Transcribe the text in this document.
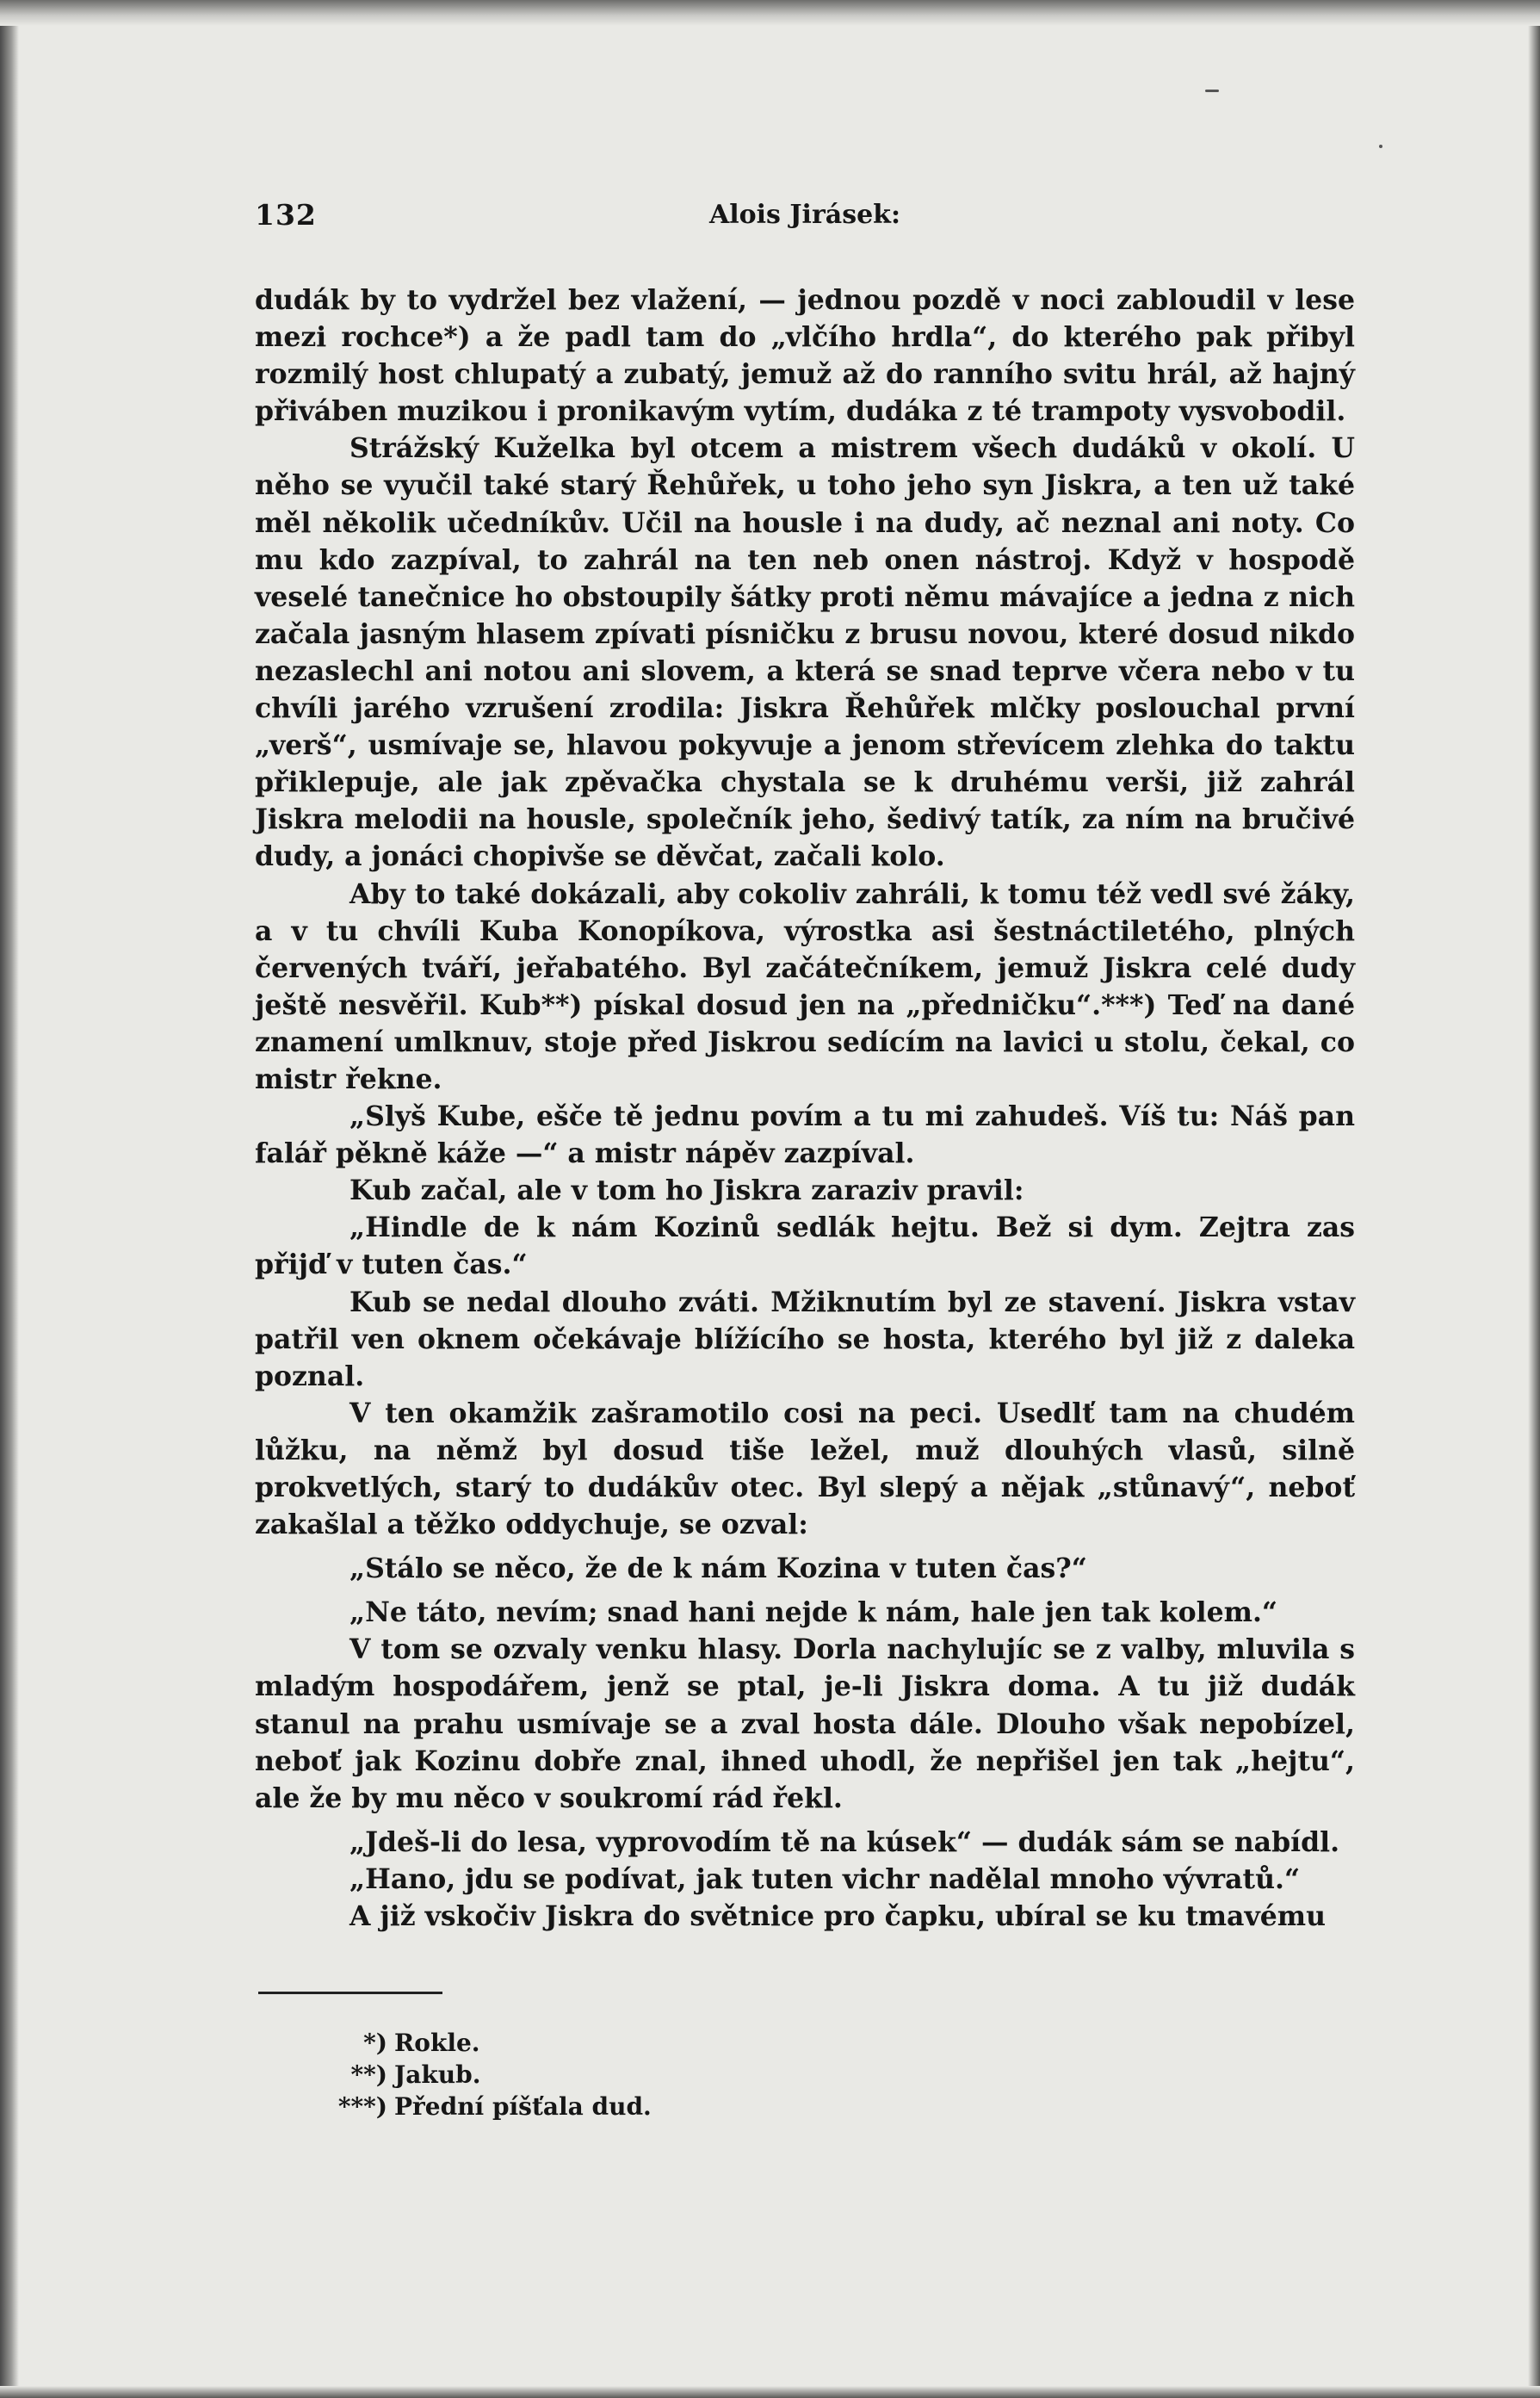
132	Alois Jirásek:

dudák by to vydržel bez vlažení, — jednou pozdě v noci zabloudil v lese mezi rochce*) a že padl tam do „vlčího hrdla“, do kterého pak přibyl rozmilý host chlupatý a zubatý, jemuž až do ranního svitu hrál, až hajný přiváben muzikou i pronikavým vytím, dudáka z té trampoty vysvobodil.

Strážský Kuželka byl otcem a mistrem všech dudáků v okolí. U něho se vyučil také starý Řehůřek, u toho jeho syn Jiskra, a ten už také měl několik učedníkův. Učil na housle i na dudy, ač neznal ani noty. Co mu kdo zazpíval, to zahrál na ten neb onen nástroj. Když v hospodě veselé tanečnice ho obstoupily šátky proti němu mávajíce a jedna z nich začala jasným hlasem zpívati písničku z brusu novou, které dosud nikdo nezaslechl ani notou ani slovem, a která se snad teprve včera nebo v tu chvíli jarého vzrušení zrodila: Jiskra Řehůřek mlčky poslouchal první „verš“, usmívaje se, hlavou pokyvuje a jenom střevícem zlehka do taktu přiklepuje, ale jak zpěvačka chystala se k druhému verši, již zahrál Jiskra melodii na housle, společník jeho, šedivý tatík, za ním na bručivé dudy, a jonáci chopivše se děvčat, začali kolo.

Aby to také dokázali, aby cokoliv zahráli, k tomu též vedl své žáky, a v tu chvíli Kuba Konopíkova, výrostka asi šestnáctiletého, plných červených tváří, jeřabatého. Byl začátečníkem, jemuž Jiskra celé dudy ještě nesvěřil. Kub**) pískal dosud jen na „předničku“.***) Teď na dané znamení umlknuv, stoje před Jiskrou sedícím na lavici u stolu, čekal, co mistr řekne.

„Slyš Kube, ešče tě jednu povím a tu mi zahudeš. Víš tu: Náš pan falář pěkně káže —“ a mistr nápěv zazpíval.

Kub začal, ale v tom ho Jiskra zaraziv pravil:

„Hindle de k nám Kozinů sedlák hejtu. Bež si dym. Zejtra zas přijď v tuten čas.“

Kub se nedal dlouho zváti. Mžiknutím byl ze stavení. Jiskra vstav patřil ven oknem očekávaje blížícího se hosta, kterého byl již z daleka poznal.

V ten okamžik zašramotilo cosi na peci. Usedlť tam na chudém lůžku, na němž byl dosud tiše ležel, muž dlouhých vlasů, silně prokvetlých, starý to dudákův otec. Byl slepý a nějak „stůnavý“, neboť zakašlal a těžko oddychuje, se ozval:

„Stálo se něco, že de k nám Kozina v tuten čas?“

„Ne táto, nevím; snad hani nejde k nám, hale jen tak kolem.“

V tom se ozvaly venku hlasy. Dorla nachylujíc se z valby, mluvila s mladým hospodářem, jenž se ptal, je-li Jiskra doma. A tu již dudák stanul na prahu usmívaje se a zval hosta dále. Dlouho však nepobízel, neboť jak Kozinu dobře znal, ihned uhodl, že nepřišel jen tak „hejtu“, ale že by mu něco v soukromí rád řekl.

„Jdeš-li do lesa, vyprovodím tě na kúsek“ — dudák sám se nabídl.

„Hano, jdu se podívat, jak tuten vichr nadělal mnoho vývratů.“

A již vskočiv Jiskra do světnice pro čapku, ubíral se ku tmavému

*) Rokle.
**) Jakub.
***) Přední píšťala dud.
